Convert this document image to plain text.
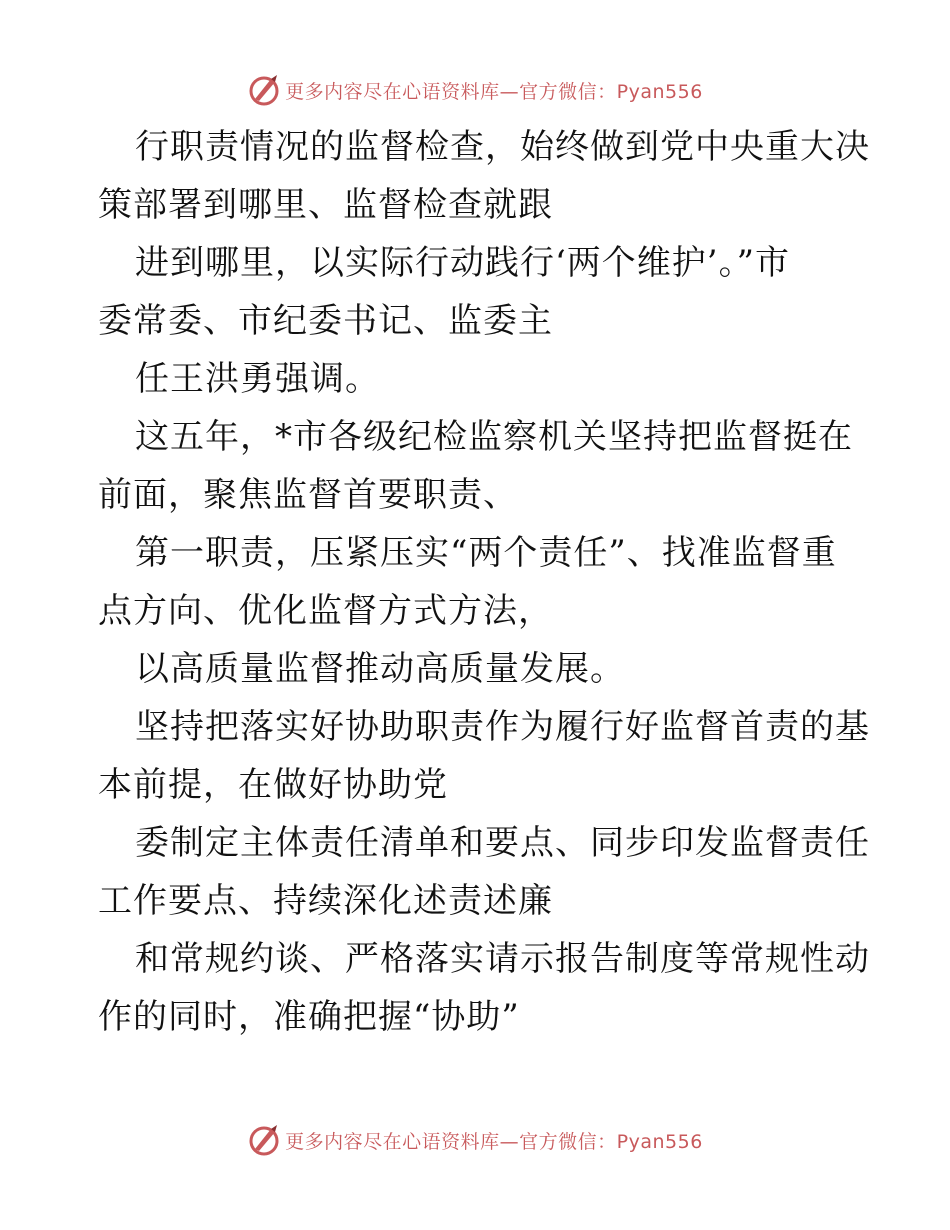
更多内容尽在心语资料库—官方微信：Pyan556
行职责情况的监督检查，始终做到党中央重大决
策部署到哪里、监督检查就跟
进到哪里，以实际行动践行‘两个维护’。”市
委常委、市纪委书记、监委主
任王洪勇强调。
这五年，*市各级纪检监察机关坚持把监督挺在
前面，聚焦监督首要职责、
第一职责，压紧压实“两个责任”、找准监督重
点方向、优化监督方式方法，
以高质量监督推动高质量发展。
坚持把落实好协助职责作为履行好监督首责的基
本前提，在做好协助党
委制定主体责任清单和要点、同步印发监督责任
工作要点、持续深化述责述廉
和常规约谈、严格落实请示报告制度等常规性动
作的同时，准确把握“协助”
更多内容尽在心语资料库—官方微信：Pyan556
